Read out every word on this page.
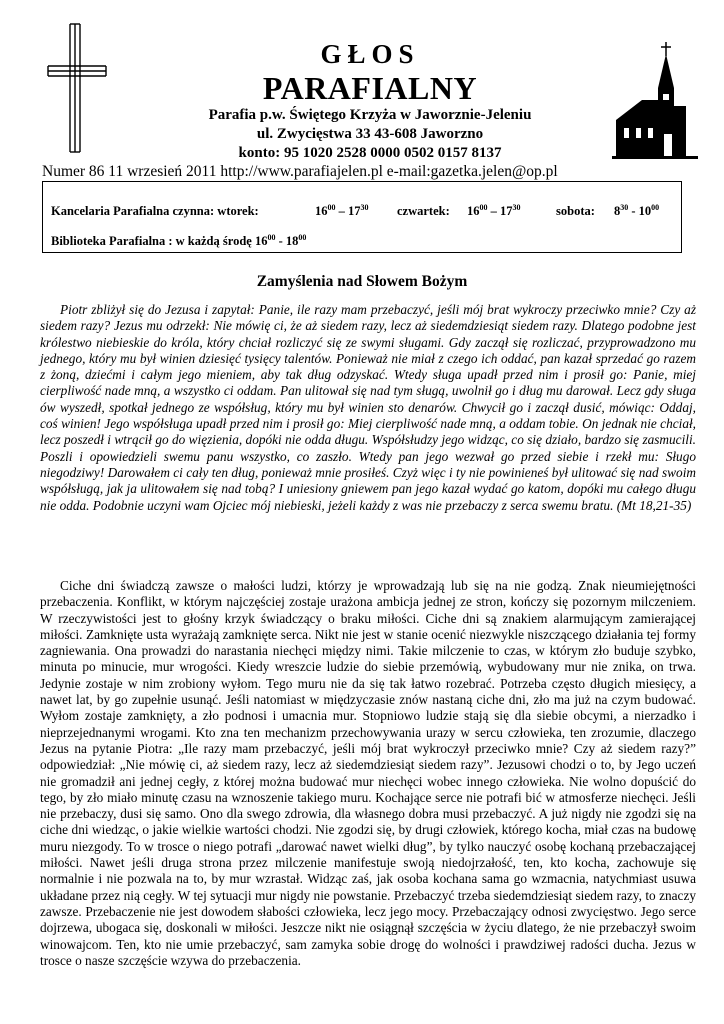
GŁOS
PARAFIALNY
Parafia p.w. Świętego Krzyża w Jaworznie-Jeleniu
ul. Zwycięstwa 33 43-608 Jaworzno
konto: 95 1020 2528 0000 0502 0157 8137
Numer 86 11 wrzesień 2011 http://www.parafiajelen.pl e-mail:gazetka.jelen@op.pl
Kancelaria Parafialna czynna: wtorek:	$16^{00} - 17^{30}$ czwartek: $16^{00} - 17^{30}$	sobota: $8^{30} - 10^{00}$
Biblioteka Parafialna : w każdą środę $16^{00} - 18^{00}$
Zamyślenia nad Słowem Bożym

Piotr zbliżył się do Jezusa i zapytał: Panie, ile razy mam przebaczyć, jeśli mój brat wykroczy przeciwko mnie? Czy aż siedem razy? Jezus mu odrzekł: Nie mówię ci, że aż siedem razy, lecz aż siedemdziesiąt siedem razy. Dlatego podobne jest królestwo niebieskie do króla, który chciał rozliczyć się ze swymi sługami. Gdy zaczął się rozliczać, przyprowadzono mu jednego, który mu był winien dziesięć tysięcy talentów. Ponieważ nie miał z czego ich oddać, pan kazał sprzedać go razem z żoną, dziećmi i całym jego mieniem, aby tak dług odzyskać. Wtedy sługa upadł przed nim i prosił go: Panie, miej cierpliwość nade mną, a wszystko ci oddam. Pan ulitował się nad tym sługą, uwolnił go i dług mu darował. Lecz gdy sługa ów wyszedł, spotkał jednego ze współsług, który mu był winien sto denarów. Chwycił go i zaczął dusić, mówiąc: Oddaj, coś winien! Jego współsługa upadł przed nim i prosił go: Miej cierpliwość nade mną, a oddam tobie. On jednak nie chciał, lecz poszedł i wtrącił go do więzienia, dopóki nie odda długu. Współsłudzy jego widząc, co się działo, bardzo się zasmucili. Poszli i opowiedzieli swemu panu wszystko, co zaszło. Wtedy pan jego wezwał go przed siebie i rzekł mu: Sługo niegodziwy! Darowałem ci cały ten dług, ponieważ mnie prosiłeś. Czyż więc i ty nie powinieneś był ulitować się nad swoim współsługą, jak ja ulitowałem się nad tobą? I uniesiony gniewem pan jego kazał wydać go katom, dopóki mu całego długu nie odda. Podobnie uczyni wam Ojciec mój niebieski, jeżeli każdy z was nie przebaczy z serca swemu bratu. (Mt 18,21-35)

Ciche dni świadczą zawsze o małości ludzi, którzy je wprowadzają lub się na nie godzą. Znak nieumiejętności przebaczenia. Konflikt, w którym najczęściej zostaje urażona ambicja jednej ze stron, kończy się pozornym milczeniem. W rzeczywistości jest to głośny krzyk świadczący o braku miłości. Ciche dni są znakiem alarmującym zamierającej miłości. Zamknięte usta wyrażają zamknięte serca. Nikt nie jest w stanie ocenić niezwykle niszczącego działania tej formy zagniewania. Ona prowadzi do narastania niechęci między nimi. Takie milczenie to czas, w którym zło buduje szybko, minuta po minucie, mur wrogości. Kiedy wreszcie ludzie do siebie przemówią, wybudowany mur nie znika, on trwa. Jedynie zostaje w nim zrobiony wyłom. Tego muru nie da się tak łatwo rozebrać. Potrzeba często długich miesięcy, a nawet lat, by go zupełnie usunąć. Jeśli natomiast w międzyczasie znów nastaną ciche dni, zło ma już na czym budować. Wyłom zostaje zamknięty, a zło podnosi i umacnia mur. Stopniowo ludzie stają się dla siebie obcymi, a nierzadko i nieprzejednanymi wrogami. Kto zna ten mechanizm przechowywania urazy w sercu człowieka, ten zrozumie, dlaczego Jezus na pytanie Piotra: „Ile razy mam przebaczyć, jeśli mój brat wykroczył przeciwko mnie? Czy aż siedem razy?” odpowiedział: „Nie mówię ci, aż siedem razy, lecz aż siedemdziesiąt siedem razy”. Jezusowi chodzi o to, by Jego uczeń nie gromadził ani jednej cegły, z której można budować mur niechęci wobec innego człowieka. Nie wolno dopuścić do tego, by zło miało minutę czasu na wznoszenie takiego muru. Kochające serce nie potrafi bić w atmosferze niechęci. Jeśli nie przebaczy, dusi się samo. Ono dla swego zdrowia, dla własnego dobra musi przebaczyć. A już nigdy nie zgodzi się na ciche dni wiedząc, o jakie wielkie wartości chodzi. Nie zgodzi się, by drugi człowiek, którego kocha, miał czas na budowę muru niezgody. To w trosce o niego potrafi „darować nawet wielki dług”, by tylko nauczyć osobę kochaną przebaczającej miłości. Nawet jeśli druga strona przez milczenie manifestuje swoją niedojrzałość, ten, kto kocha, zachowuje się normalnie i nie pozwala na to, by mur wzrastał. Widząc zaś, jak osoba kochana sama go wzmacnia, natychmiast usuwa układane przez nią cegły. W tej sytuacji mur nigdy nie powstanie. Przebaczyć trzeba siedemdziesiąt siedem razy, to znaczy zawsze. Przebaczenie nie jest dowodem słabości człowieka, lecz jego mocy. Przebaczający odnosi zwycięstwo. Jego serce dojrzewa, ubogaca się, doskonali w miłości. Jeszcze nikt nie osiągnął szczęścia w życiu dlatego, że nie przebaczył swoim winowajcom. Ten, kto nie umie przebaczyć, sam zamyka sobie drogę do wolności i prawdziwej radości ducha. Jezus w trosce o nasze szczęście wzywa do przebaczenia.
